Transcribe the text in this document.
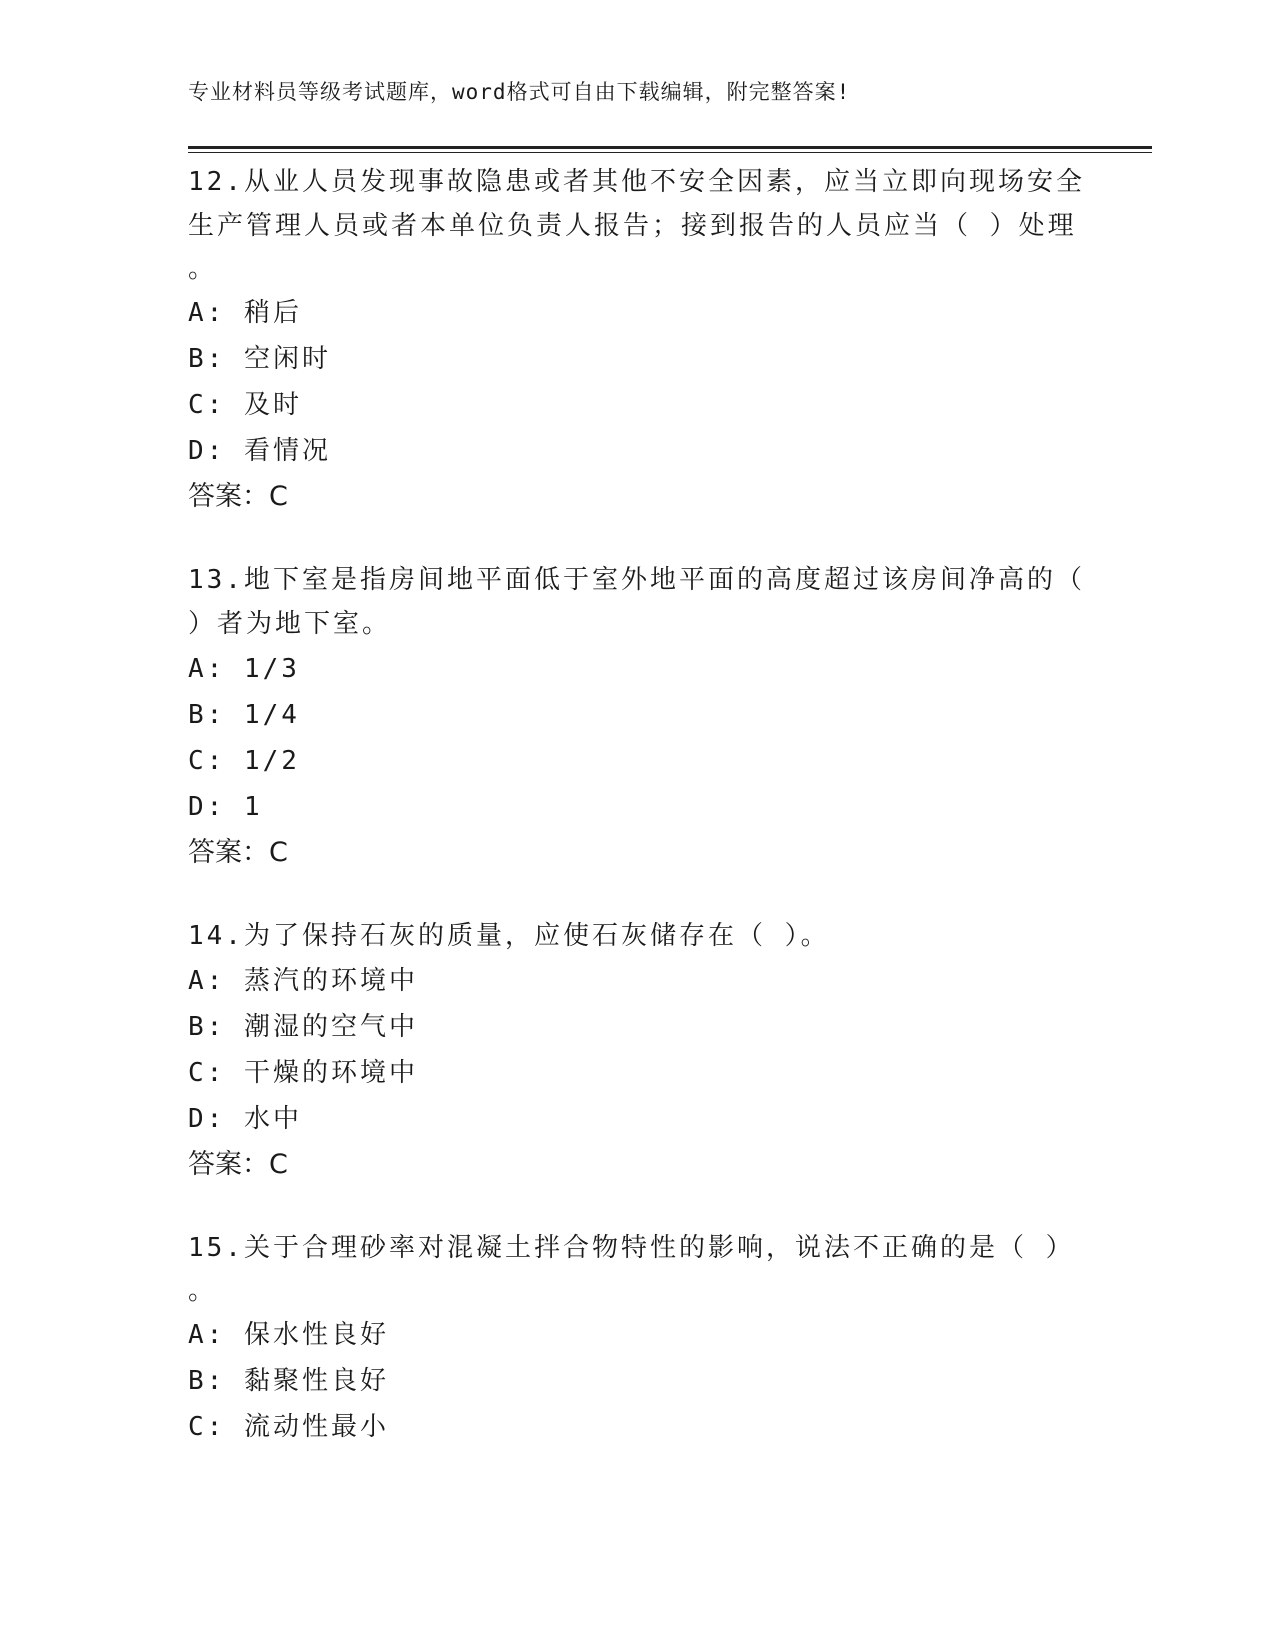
专业材料员等级考试题库，word格式可自由下载编辑，附完整答案!

12.从业人员发现事故隐患或者其他不安全因素，应当立即向现场安全

生产管理人员或者本单位负责人报告；接到报告的人员应当（ ）处理

。

A: 稍后

B: 空闲时

C: 及时

D: 看情况

答案：C

13.地下室是指房间地平面低于室外地平面的高度超过该房间净高的（

）者为地下室。

A: 1/3

B: 1/4

C: 1/2

D: 1

答案：C

14.为了保持石灰的质量，应使石灰储存在（ ）。

A: 蒸汽的环境中

B: 潮湿的空气中

C: 干燥的环境中

D: 水中

答案：C

15.关于合理砂率对混凝土拌合物特性的影响，说法不正确的是（ ）

。

A: 保水性良好

B: 黏聚性良好

C: 流动性最小
